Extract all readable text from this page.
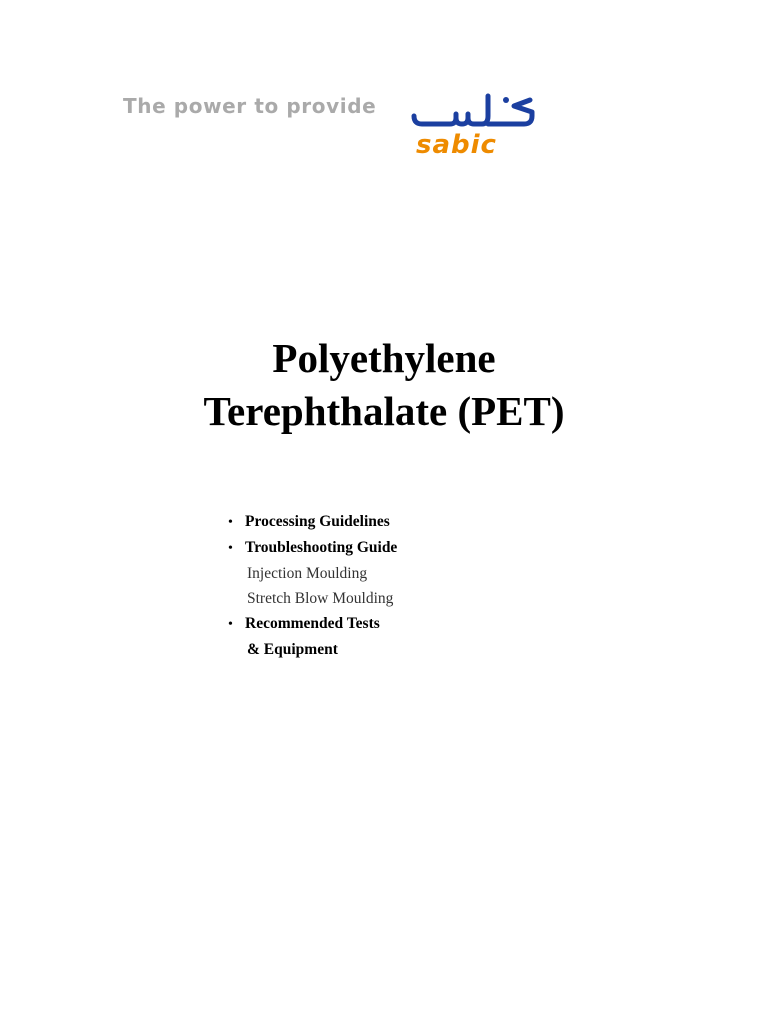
The power to provide
sabic
Polyethylene
Terephthalate (PET)
• Processing Guidelines
• Troubleshooting Guide
Injection Moulding
Stretch Blow Moulding
• Recommended Tests
& Equipment
